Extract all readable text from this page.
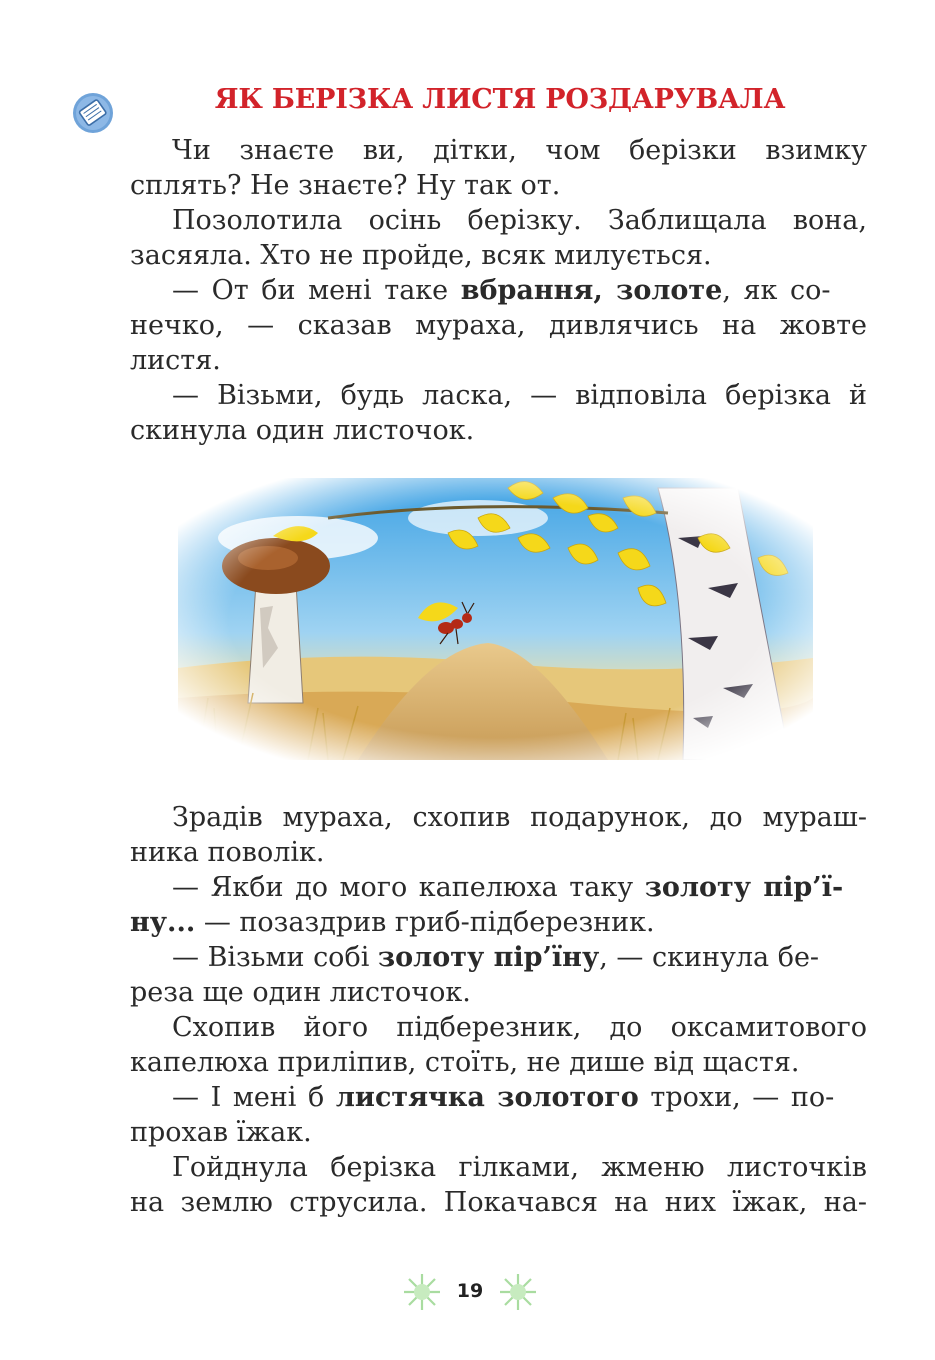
ЯК БЕРІЗКА ЛИСТЯ РОЗДАРУВАЛА
Чи знаєте ви, дітки, чом берізки взимку
сплять? Не знаєте? Ну так от.
Позолотила осінь берізку. Заблищала вона,
засяяла. Хто не пройде, всяк милується.
— От би мені таке вбрання, золоте, як со-
нечко, — сказав мураха, дивлячись на жовте
листя.
— Візьми, будь ласка, — відповіла берізка й
скинула один листочок.
Зрадів мураха, схопив подарунок, до мураш-
ника поволік.
— Якби до мого капелюха таку золоту пір’ї-
ну... — позаздрив гриб-підберезник.
— Візьми собі золоту пір’їну, — скинула бе-
реза ще один листочок.
Схопив його підберезник, до оксамитового
капелюха приліпив, стоїть, не дише від щастя.
— І мені б листячка золотого трохи, — по-
прохав їжак.
Гойднула берізка гілками, жменю листочків
на землю струсила. Покачався на них їжак, на-
19
